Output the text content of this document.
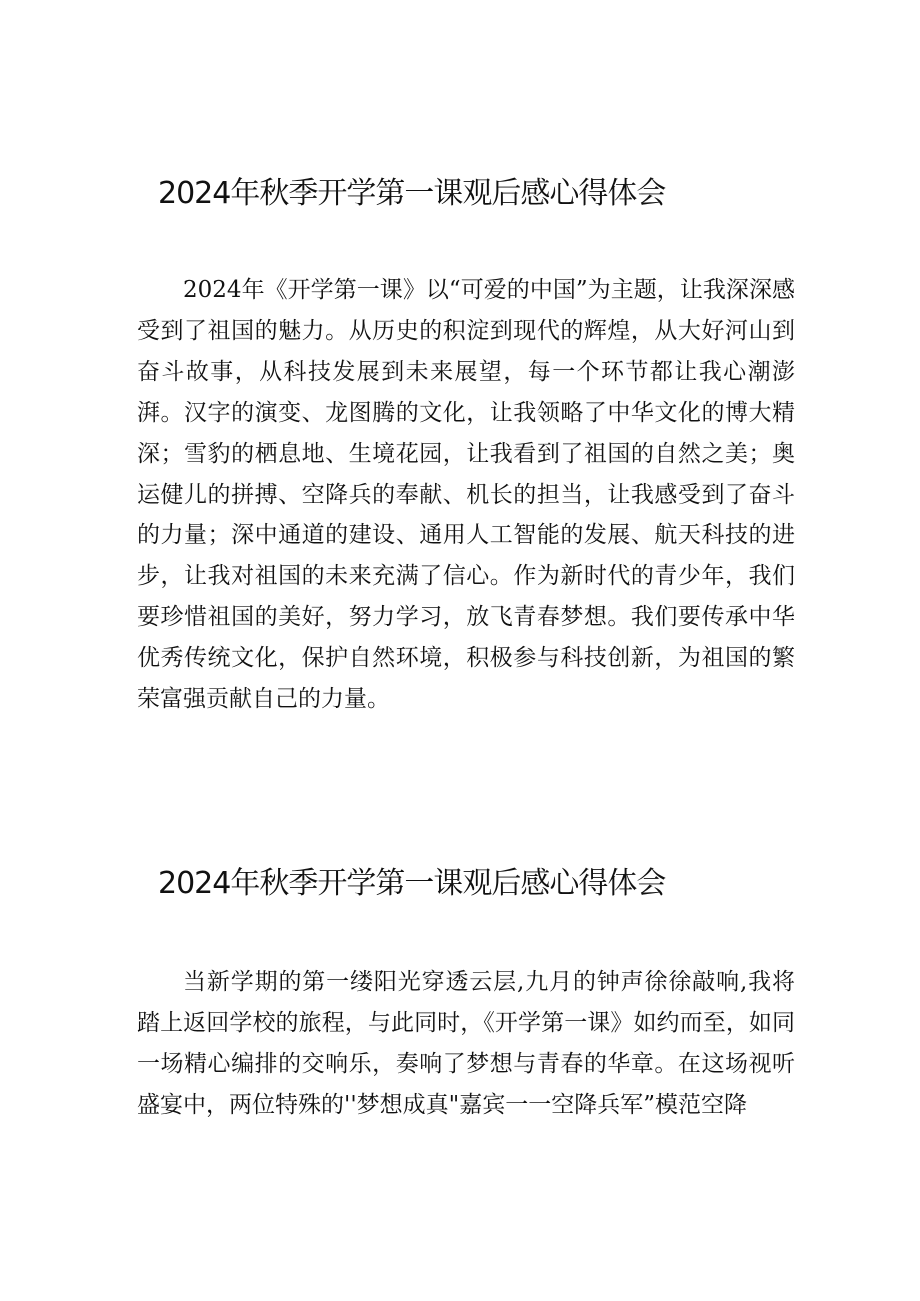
2024年秋季开学第一课观后感心得体会

2024年《开学第一课》以“可爱的中国”为主题，让我深深感受到了祖国的魅力。从历史的积淀到现代的辉煌，从大好河山到奋斗故事，从科技发展到未来展望，每一个环节都让我心潮澎湃。汉字的演变、龙图腾的文化，让我领略了中华文化的博大精深；雪豹的栖息地、生境花园，让我看到了祖国的自然之美；奥运健儿的拼搏、空降兵的奉献、机长的担当，让我感受到了奋斗的力量；深中通道的建设、通用人工智能的发展、航天科技的进步，让我对祖国的未来充满了信心。作为新时代的青少年，我们要珍惜祖国的美好，努力学习，放飞青春梦想。我们要传承中华优秀传统文化，保护自然环境，积极参与科技创新，为祖国的繁荣富强贡献自己的力量。

2024年秋季开学第一课观后感心得体会

当新学期的第一缕阳光穿透云层,九月的钟声徐徐敲响,我将踏上返回学校的旅程，与此同时，《开学第一课》如约而至，如同一场精心编排的交响乐，奏响了梦想与青春的华章。在这场视听盛宴中，两位特殊的''梦想成真"嘉宾一一空降兵军”模范空降
